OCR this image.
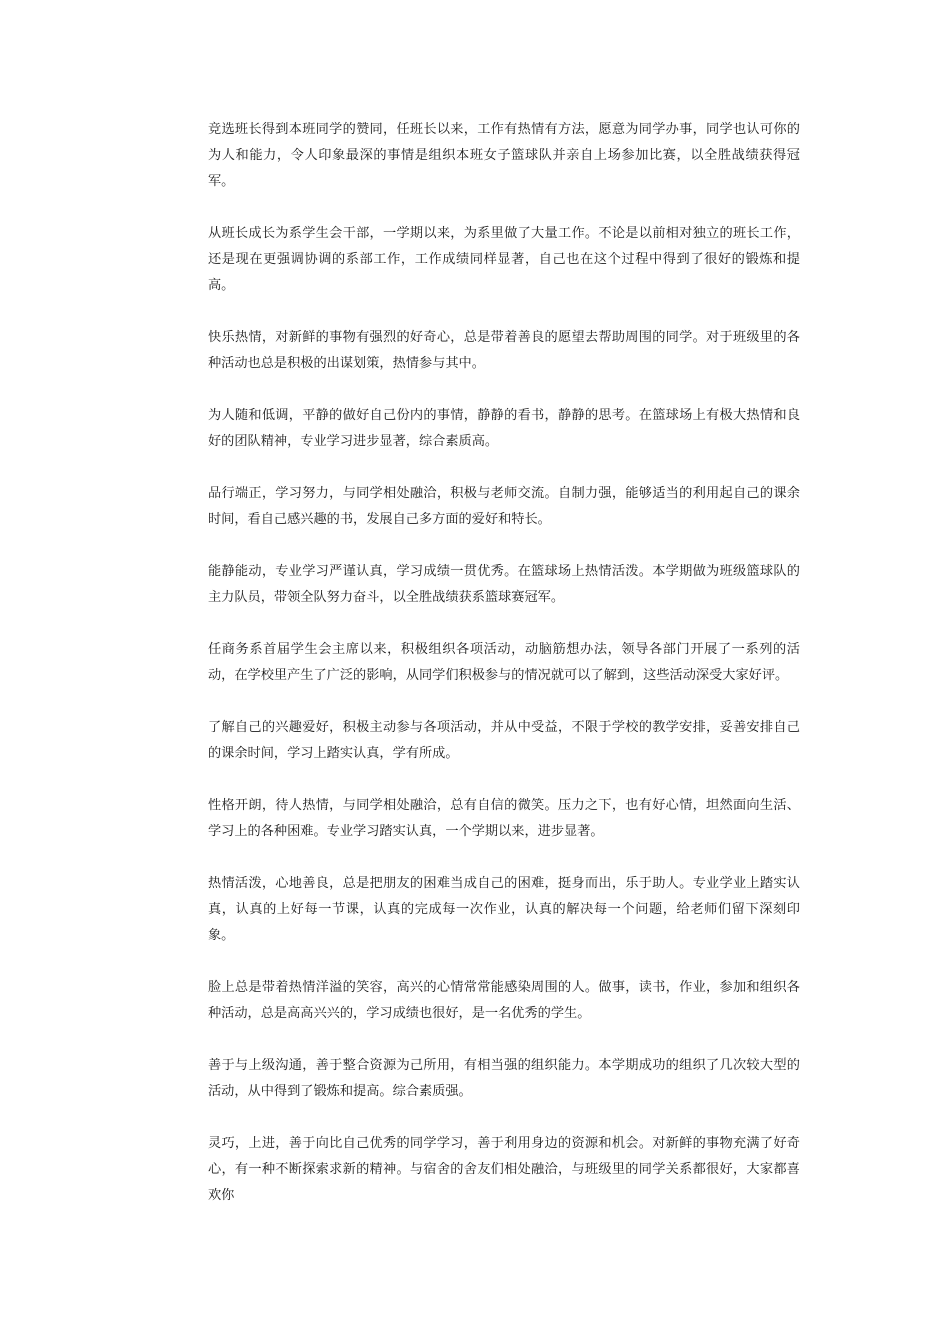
竞选班长得到本班同学的赞同，任班长以来，工作有热情有方法，愿意为同学办事，同学也认可你的为人和能力，令人印象最深的事情是组织本班女子篮球队并亲自上场参加比赛，以全胜战绩获得冠军。

从班长成长为系学生会干部，一学期以来，为系里做了大量工作。不论是以前相对独立的班长工作，还是现在更强调协调的系部工作，工作成绩同样显著，自己也在这个过程中得到了很好的锻炼和提高。

快乐热情，对新鲜的事物有强烈的好奇心，总是带着善良的愿望去帮助周围的同学。对于班级里的各种活动也总是积极的出谋划策，热情参与其中。

为人随和低调，平静的做好自己份内的事情，静静的看书，静静的思考。在篮球场上有极大热情和良好的团队精神，专业学习进步显著，综合素质高。

品行端正，学习努力，与同学相处融洽，积极与老师交流。自制力强，能够适当的利用起自己的课余时间，看自己感兴趣的书，发展自己多方面的爱好和特长。

能静能动，专业学习严谨认真，学习成绩一贯优秀。在篮球场上热情活泼。本学期做为班级篮球队的主力队员，带领全队努力奋斗，以全胜战绩获系篮球赛冠军。

任商务系首届学生会主席以来，积极组织各项活动，动脑筋想办法，领导各部门开展了一系列的活动，在学校里产生了广泛的影响，从同学们积极参与的情况就可以了解到，这些活动深受大家好评。

了解自己的兴趣爱好，积极主动参与各项活动，并从中受益，不限于学校的教学安排，妥善安排自己的课余时间，学习上踏实认真，学有所成。

性格开朗，待人热情，与同学相处融洽，总有自信的微笑。压力之下，也有好心情，坦然面向生活、学习上的各种困难。专业学习踏实认真，一个学期以来，进步显著。

热情活泼，心地善良，总是把朋友的困难当成自己的困难，挺身而出，乐于助人。专业学业上踏实认真，认真的上好每一节课，认真的完成每一次作业，认真的解决每一个问题，给老师们留下深刻印象。

脸上总是带着热情洋溢的笑容，高兴的心情常常能感染周围的人。做事，读书，作业，参加和组织各种活动，总是高高兴兴的，学习成绩也很好，是一名优秀的学生。

善于与上级沟通，善于整合资源为己所用，有相当强的组织能力。本学期成功的组织了几次较大型的活动，从中得到了锻炼和提高。综合素质强。

灵巧，上进，善于向比自己优秀的同学学习，善于利用身边的资源和机会。对新鲜的事物充满了好奇心，有一种不断探索求新的精神。与宿舍的舍友们相处融洽，与班级里的同学关系都很好，大家都喜欢你
